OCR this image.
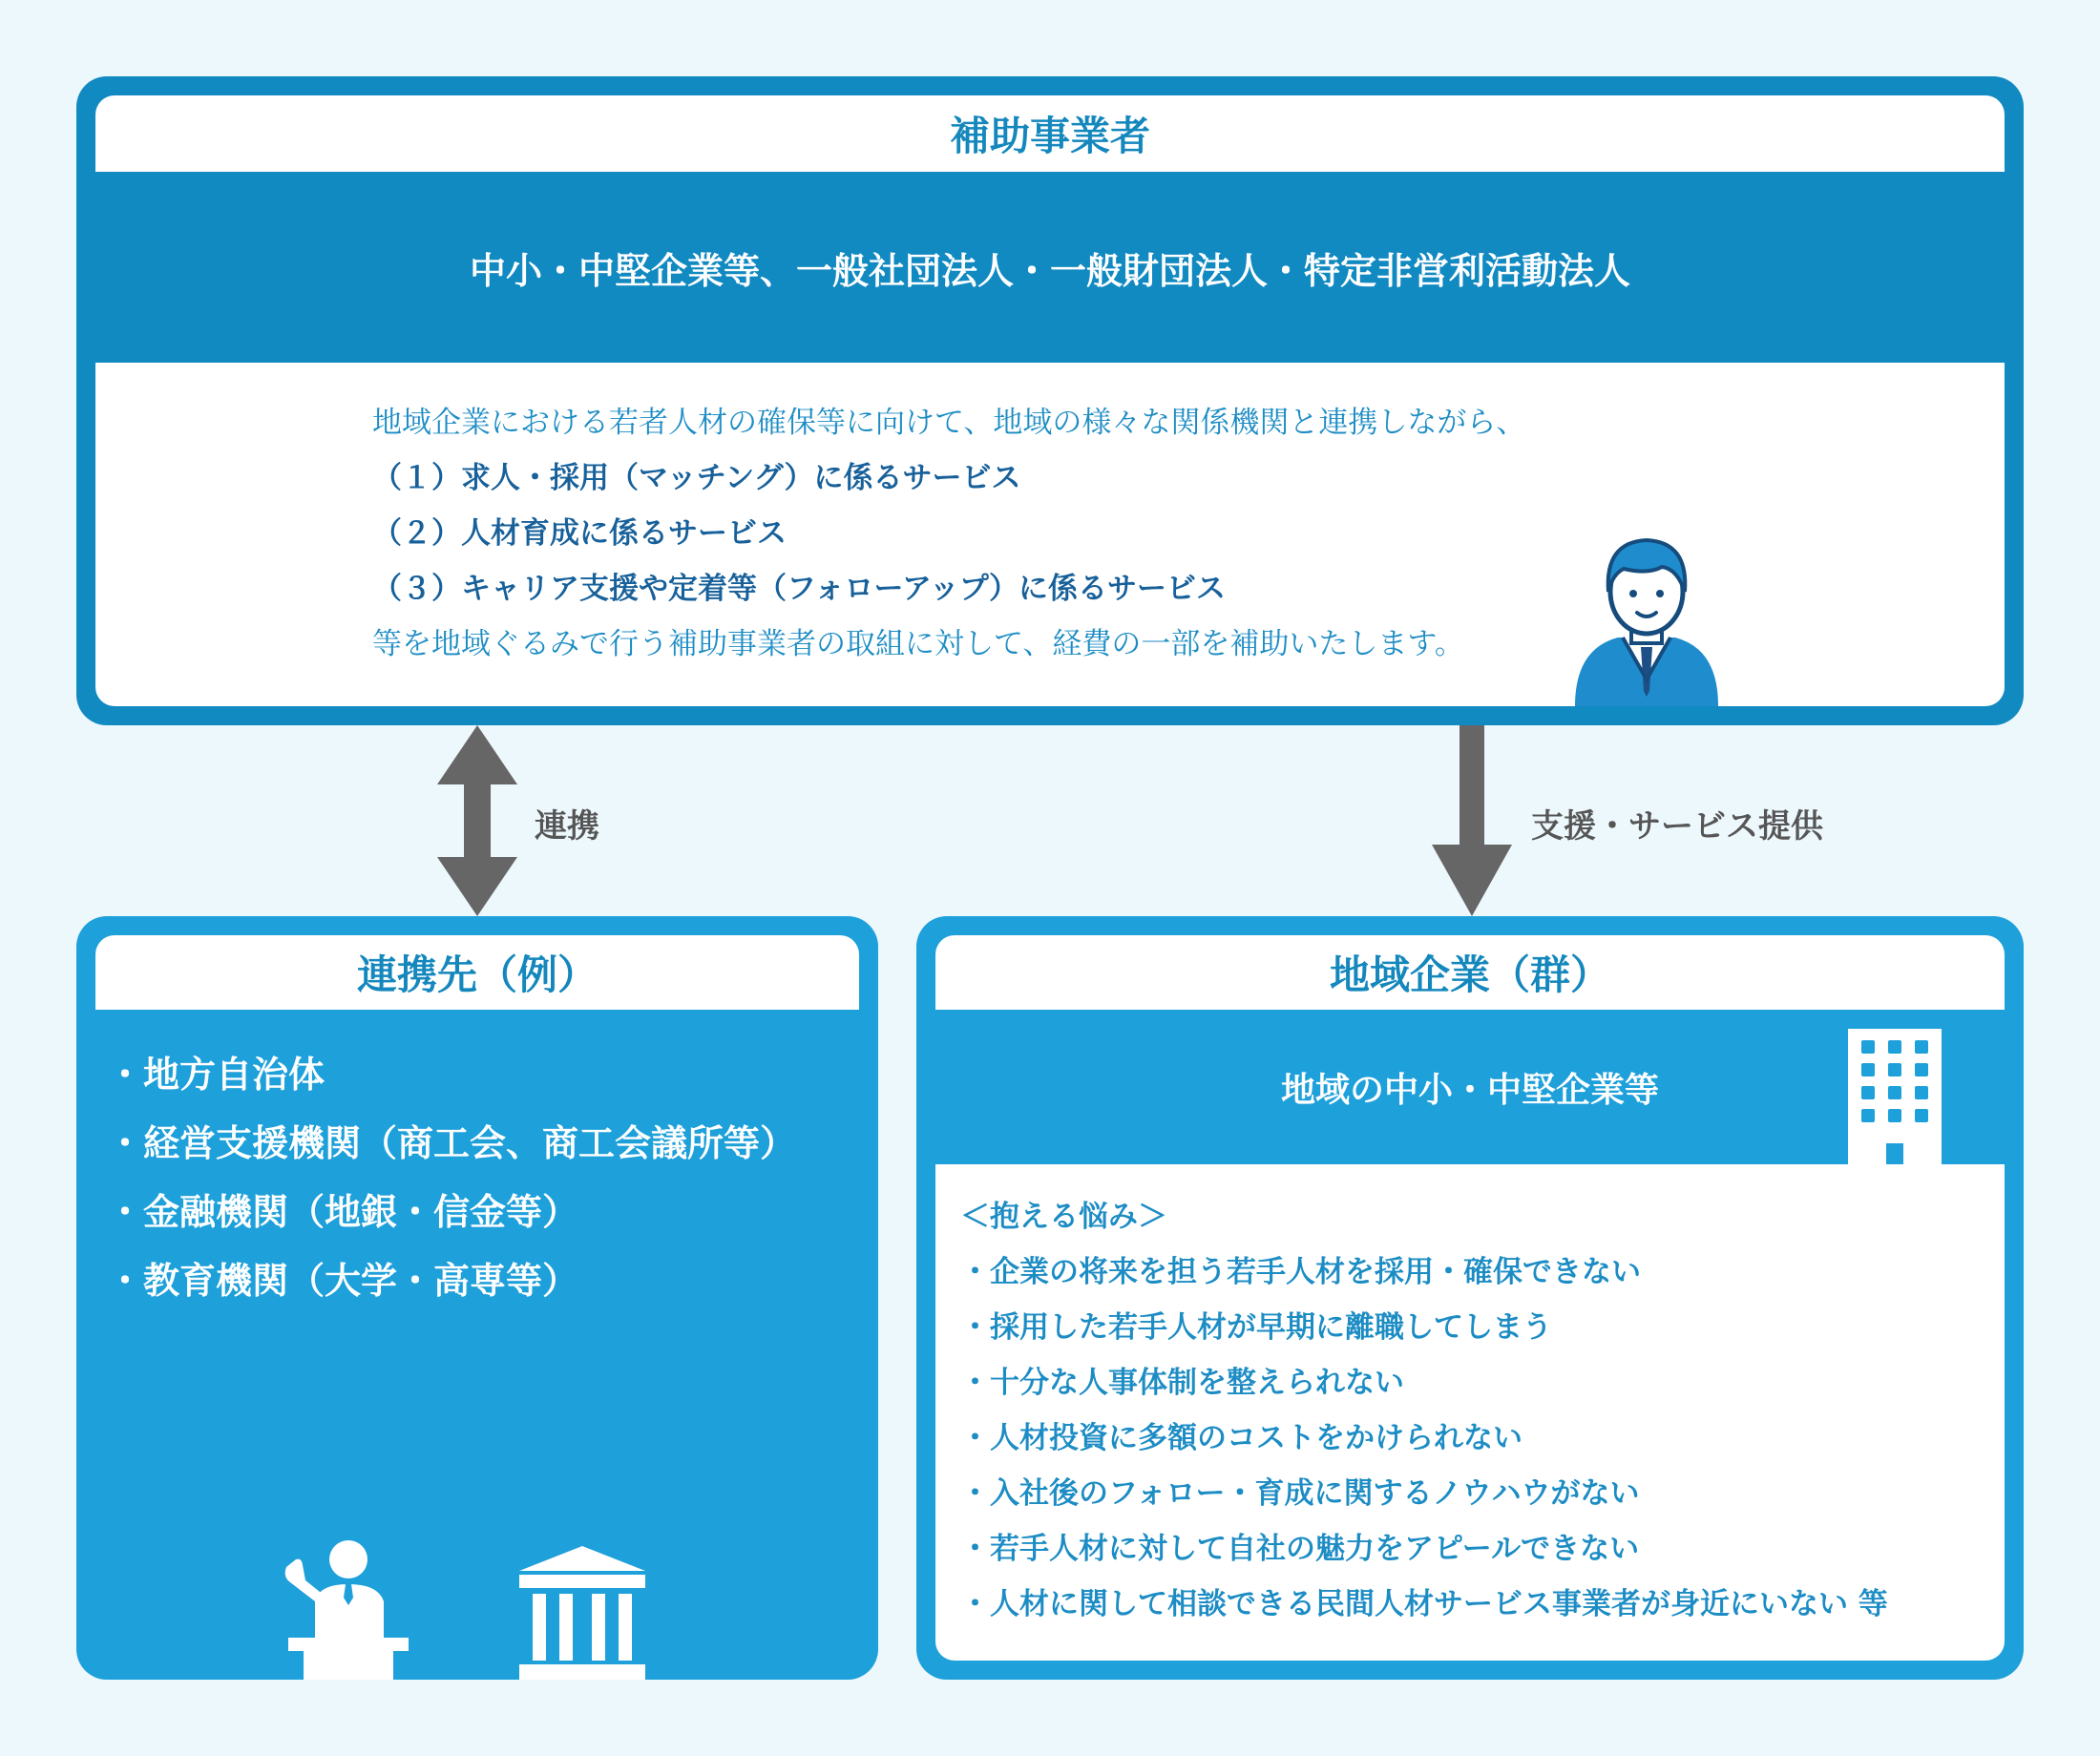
補助事業者
中小・中堅企業等、一般社団法人・一般財団法人・特定非営利活動法人
地域企業における若者人材の確保等に向けて、地域の様々な関係機関と連携しながら、
（１）求人・採用（マッチング）に係るサービス
（２）人材育成に係るサービス
（３）キャリア支援や定着等（フォローアップ）に係るサービス
等を地域ぐるみで行う補助事業者の取組に対して、経費の一部を補助いたします。
連携	支援・サービス提供
連携先（例）
・地方自治体
・経営支援機関（商工会、商工会議所等）
・金融機関（地銀・信金等）
・教育機関（大学・高専等）
地域企業（群）
地域の中小・中堅企業等
＜抱える悩み＞
・企業の将来を担う若手人材を採用・確保できない
・採用した若手人材が早期に離職してしまう
・十分な人事体制を整えられない
・人材投資に多額のコストをかけられない
・入社後のフォロー・育成に関するノウハウがない
・若手人材に対して自社の魅力をアピールできない
・人材に関して相談できる民間人材サービス事業者が身近にいない 等
